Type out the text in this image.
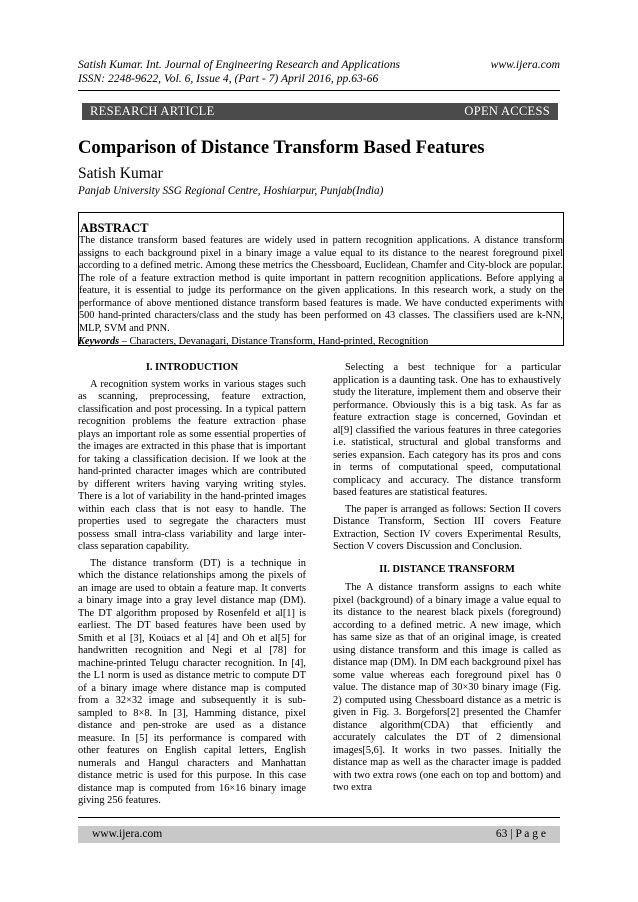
Satish Kumar. Int. Journal of Engineering Research and Applications
ISSN: 2248-9622, Vol. 6, Issue 4, (Part - 7) April 2016, pp.63-66
www.ijera.com
RESEARCH ARTICLE	OPEN ACCESS
Comparison of Distance Transform Based Features
Satish Kumar
Panjab University SSG Regional Centre, Hoshiarpur, Punjab(India)
ABSTRACT
The distance transform based features are widely used in pattern recognition applications. A distance transform assigns to each background pixel in a binary image a value equal to its distance to the nearest foreground pixel according to a defined metric. Among these metrics the Chessboard, Euclidean, Chamfer and City-block are popular. The role of a feature extraction method is quite important in pattern recognition applications. Before applying a feature, it is essential to judge its performance on the given applications. In this research work, a study on the performance of above mentioned distance transform based features is made. We have conducted experiments with 500 hand-printed characters/class and the study has been performed on 43 classes. The classifiers used are k-NN, MLP, SVM and PNN.
Keywords – Characters, Devanagari, Distance Transform, Hand-printed, Recognition
I. INTRODUCTION

A recognition system works in various stages such as scanning, preprocessing, feature extraction, classification and post processing. In a typical pattern recognition problems the feature extraction phase plays an important role as some essential properties of the images are extracted in this phase that is important for taking a classification decision. If we look at the hand-printed character images which are contributed by different writers having varying writing styles. There is a lot of variability in the hand-printed images within each class that is not easy to handle. The properties used to segregate the characters must possess small intra-class variability and large inter-class separation capability.

The distance transform (DT) is a technique in which the distance relationships among the pixels of an image are used to obtain a feature map. It converts a binary image into a gray level distance map (DM). The DT algorithm proposed by Rosenfeld et al[1] is earliest. The DT based features have been used by Smith et al [3], Koúacs et al [4] and Oh et al[5] for handwritten recognition and Negi et al [78] for machine-printed Telugu character recognition. In [4], the L1 norm is used as distance metric to compute DT of a binary image where distance map is computed from a 32×32 image and subsequently it is sub-sampled to 8×8. In [3], Hamming distance, pixel distance and pen-stroke are used as a distance measure. In [5] its performance is compared with other features on English capital letters, English numerals and Hangul characters and Manhattan distance metric is used for this purpose. In this case distance map is computed from 16×16 binary image giving 256 features.

Selecting a best technique for a particular application is a daunting task. One has to exhaustively study the literature, implement them and observe their performance. Obviously this is a big task. As far as feature extraction stage is concerned, Govindan et al[9] classified the various features in three categories i.e. statistical, structural and global transforms and series expansion. Each category has its pros and cons in terms of computational speed, computational complicacy and accuracy. The distance transform based features are statistical features.

The paper is arranged as follows: Section II covers Distance Transform, Section III covers Feature Extraction, Section IV covers Experimental Results, Section V covers Discussion and Conclusion.

II. DISTANCE TRANSFORM

The A distance transform assigns to each white pixel (background) of a binary image a value equal to its distance to the nearest black pixels (foreground) according to a defined metric. A new image, which has same size as that of an original image, is created using distance transform and this image is called as distance map (DM). In DM each background pixel has some value whereas each foreground pixel has 0 value. The distance map of 30×30 binary image (Fig. 2) computed using Chessboard distance as a metric is given in Fig. 3. Borgefors[2] presented the Chamfer distance algorithm(CDA) that efficiently and accurately calculates the DT of 2 dimensional images[5,6]. It works in two passes. Initially the distance map as well as the character image is padded with two extra rows (one each on top and bottom) and two extra

www.ijera.com	63 | P a g e
